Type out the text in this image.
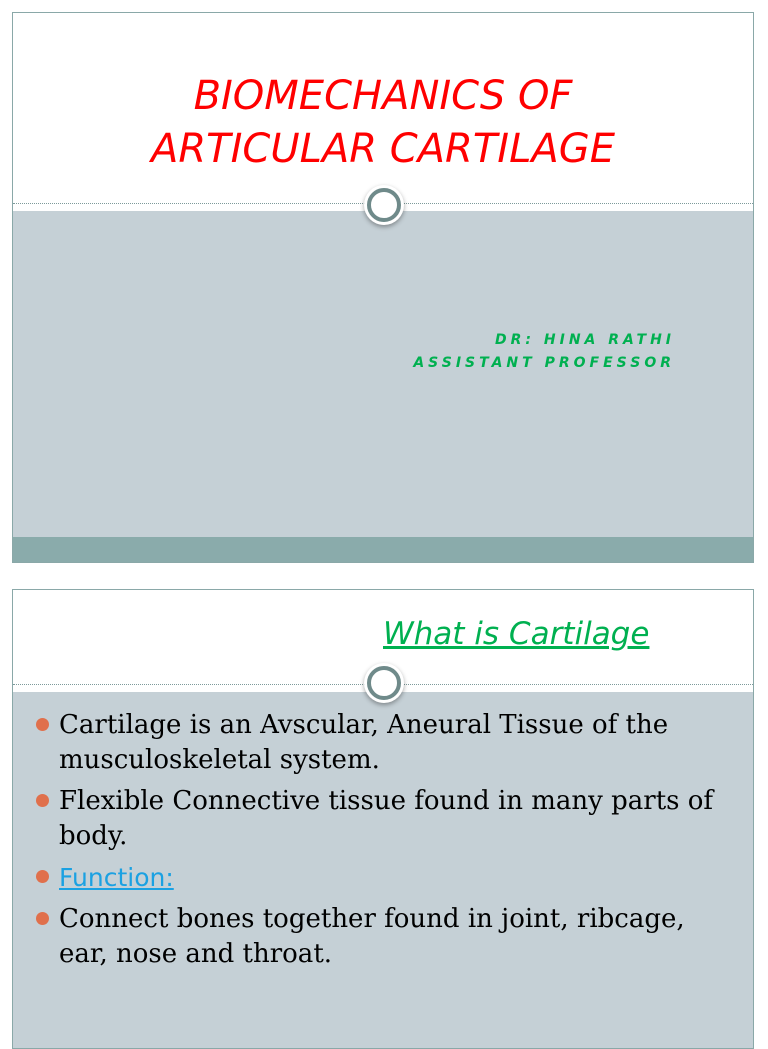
BIOMECHANICS OF
ARTICULAR CARTILAGE
DR: HINA RATHI
ASSISTANT PROFESSOR
What is Cartilage
Cartilage is an Avscular, Aneural Tissue of the musculoskeletal system.
Flexible Connective tissue found in many parts of body.
Function:
Connect bones together found in joint, ribcage, ear, nose and throat.
